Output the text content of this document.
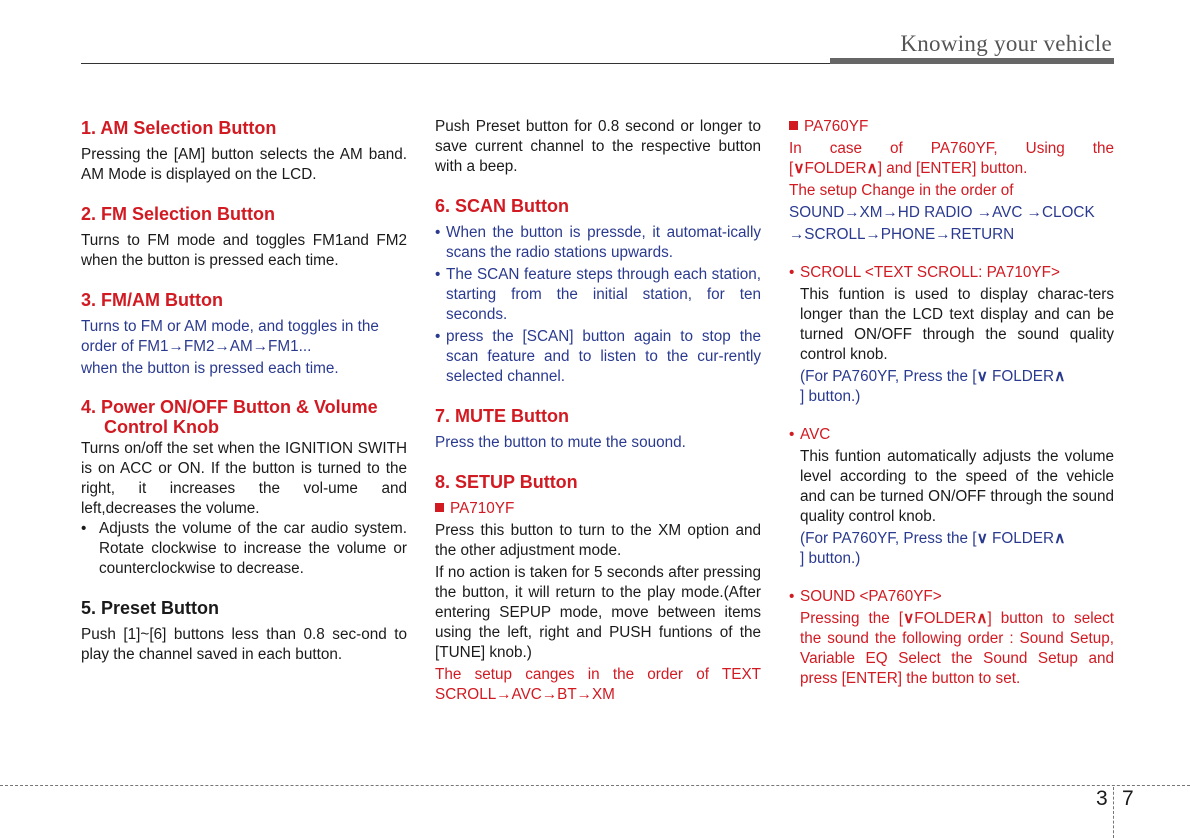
Knowing your vehicle
1. AM Selection Button

Pressing the [AM] button selects the AM band. AM Mode is displayed on the LCD.

2. FM Selection Button

Turns to FM mode and toggles FM1and FM2 when the button is pressed each time.

3. FM/AM Button

Turns to FM or AM mode, and toggles in the order of FM1→FM2→AM→FM1...

when the button is pressed each time.

4. Power ON/OFF Button & Volume
Control Knob

Turns on/off the set when the IGNITION SWITH is on ACC or ON. If the button is turned to the right, it increases the vol-ume and left,decreases the volume.

• Adjusts the volume of the car audio system. Rotate clockwise to increase the volume or counterclockwise to decrease.
5. Preset Button

Push [1]~[6] buttons less than 0.8 sec-ond to play the channel saved in each button.

Push Preset button for 0.8 second or longer to save current channel to the respective button with a beep.

6. SCAN Button
• When the button is pressde, it automat-ically scans the radio stations upwards.
• The SCAN feature steps through each station, starting from the initial station, for ten seconds.
• press the [SCAN] button again to stop the scan feature and to listen to the cur-rently selected channel.
7. MUTE Button

Press the button to mute the souond.

8. SETUP Button

PA710YF

Press this button to turn to the XM option and the other adjustment mode.

If no action is taken for 5 seconds after pressing the button, it will return to the play mode.(After entering SEPUP mode, move between items using the left, right and PUSH funtions of the [TUNE] knob.)

The setup canges in the order of TEXT SCROLL→AVC→BT→XM

PA760YF

In case of PA760YF, Using the

[∨FOLDER∧] and [ENTER] button.

The setup Change in the order of

SOUND→XM→HD RADIO →AVC →CLOCK

→SCROLL→PHONE→RETURN

• SCROLL <TEXT SCROLL: PA710YF>

This funtion is used to display charac-ters longer than the LCD text display and can be turned ON/OFF through the sound quality control knob.

(For PA760YF, Press the [∨ FOLDER∧
] button.)

• AVC

This funtion automatically adjusts the volume level according to the speed of the vehicle and can be turned ON/OFF through the sound quality control knob.

(For PA760YF, Press the [∨ FOLDER∧
] button.)

• SOUND <PA760YF>

Pressing the [∨FOLDER∧] button to select the sound the following order : Sound Setup, Variable EQ Select the Sound Setup and press [ENTER] the button to set.

3 7
